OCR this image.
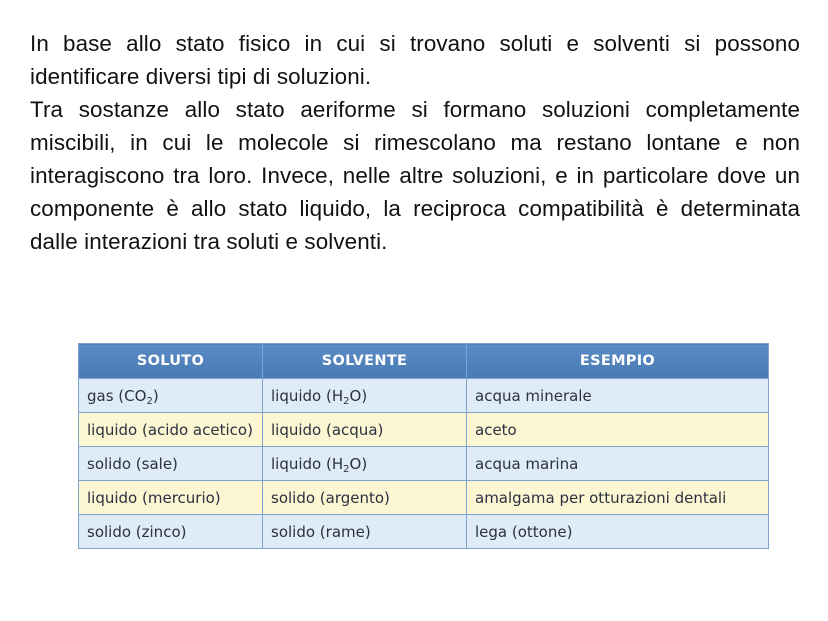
In base allo stato fisico in cui si trovano soluti e solventi si possono identificare diversi tipi di soluzioni.

Tra sostanze allo stato aeriforme si formano soluzioni completamente miscibili, in cui le molecole si rimescolano ma restano lontane e non interagiscono tra loro. Invece, nelle altre soluzioni, e in particolare dove un componente è allo stato liquido, la reciproca compatibilità è determinata dalle interazioni tra soluti e solventi.

SOLUTO	SOLVENTE	ESEMPIO
gas $(CO_2)$	liquido $(H_2O)$	acqua minerale
liquido (acido acetico)	liquido (acqua)	aceto
solido (sale)	liquido $(H_2O)$	acqua marina
liquido (mercurio)	solido (argento)	amalgama per otturazioni dentali
solido (zinco)	solido (rame)	lega (ottone)
